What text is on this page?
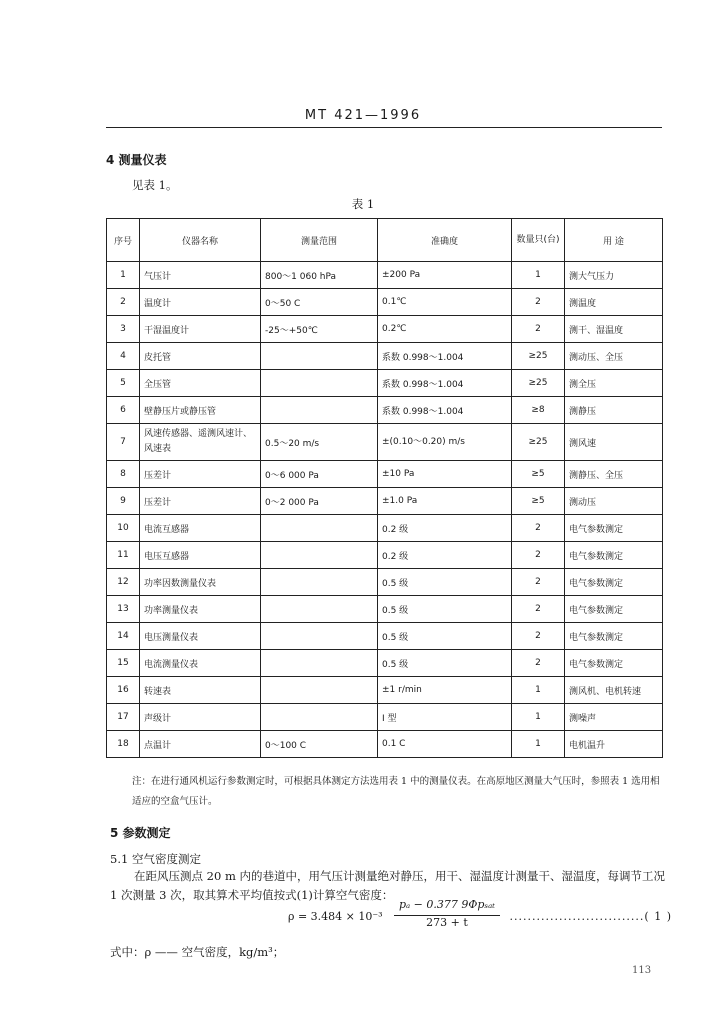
MT 421—1996
4 测量仪表
见表 1。
表 1
序号	仪器名称	测量范围	准确度	数量只(台)	用 途
1	气压计	800～1 060 hPa	±200 Pa	1	测大气压力
2	温度计	0～50 C	0.1℃	2	测温度
3	干湿温度计	-25～+50℃	0.2℃	2	测干、湿温度
4	皮托管		系数 0.998～1.004	≥25	测动压、全压
5	全压管		系数 0.998～1.004	≥25	测全压
6	壁静压片或静压管		系数 0.998～1.004	≥8	测静压
7	风速传感器、遥测风速计、风速表	0.5～20 m/s	±(0.10～0.20) m/s	≥25	测风速
8	压差计	0～6 000 Pa	±10 Pa	≥5	测静压、全压
9	压差计	0～2 000 Pa	±1.0 Pa	≥5	测动压
10	电流互感器		0.2 级	2	电气参数测定
11	电压互感器		0.2 级	2	电气参数测定
12	功率因数测量仪表		0.5 级	2	电气参数测定
13	功率测量仪表		0.5 级	2	电气参数测定
14	电压测量仪表		0.5 级	2	电气参数测定
15	电流测量仪表		0.5 级	2	电气参数测定
16	转速表		±1 r/min	1	测风机、电机转速
17	声级计		I 型	1	测噪声
18	点温计	0～100 C	0.1 C	1	电机温升
注：在进行通风机运行参数测定时，可根据具体测定方法选用表 1 中的测量仪表。在高原地区测量大气压时，参照表 1 选用相适应的空盒气压计。
5 参数测定
5.1 空气密度测定
在距风压测点 20 m 内的巷道中，用气压计测量绝对静压，用干、湿温度计测量干、湿温度，每调节工况 1 次测量 3 次，取其算术平均值按式(1)计算空气密度：
ρ = 3.484 × 10⁻³
pₐ − 0.377 9Φpₛₐₜ
273 + t	..............................( 1 )
式中：ρ —— 空气密度，kg/m³；
113
